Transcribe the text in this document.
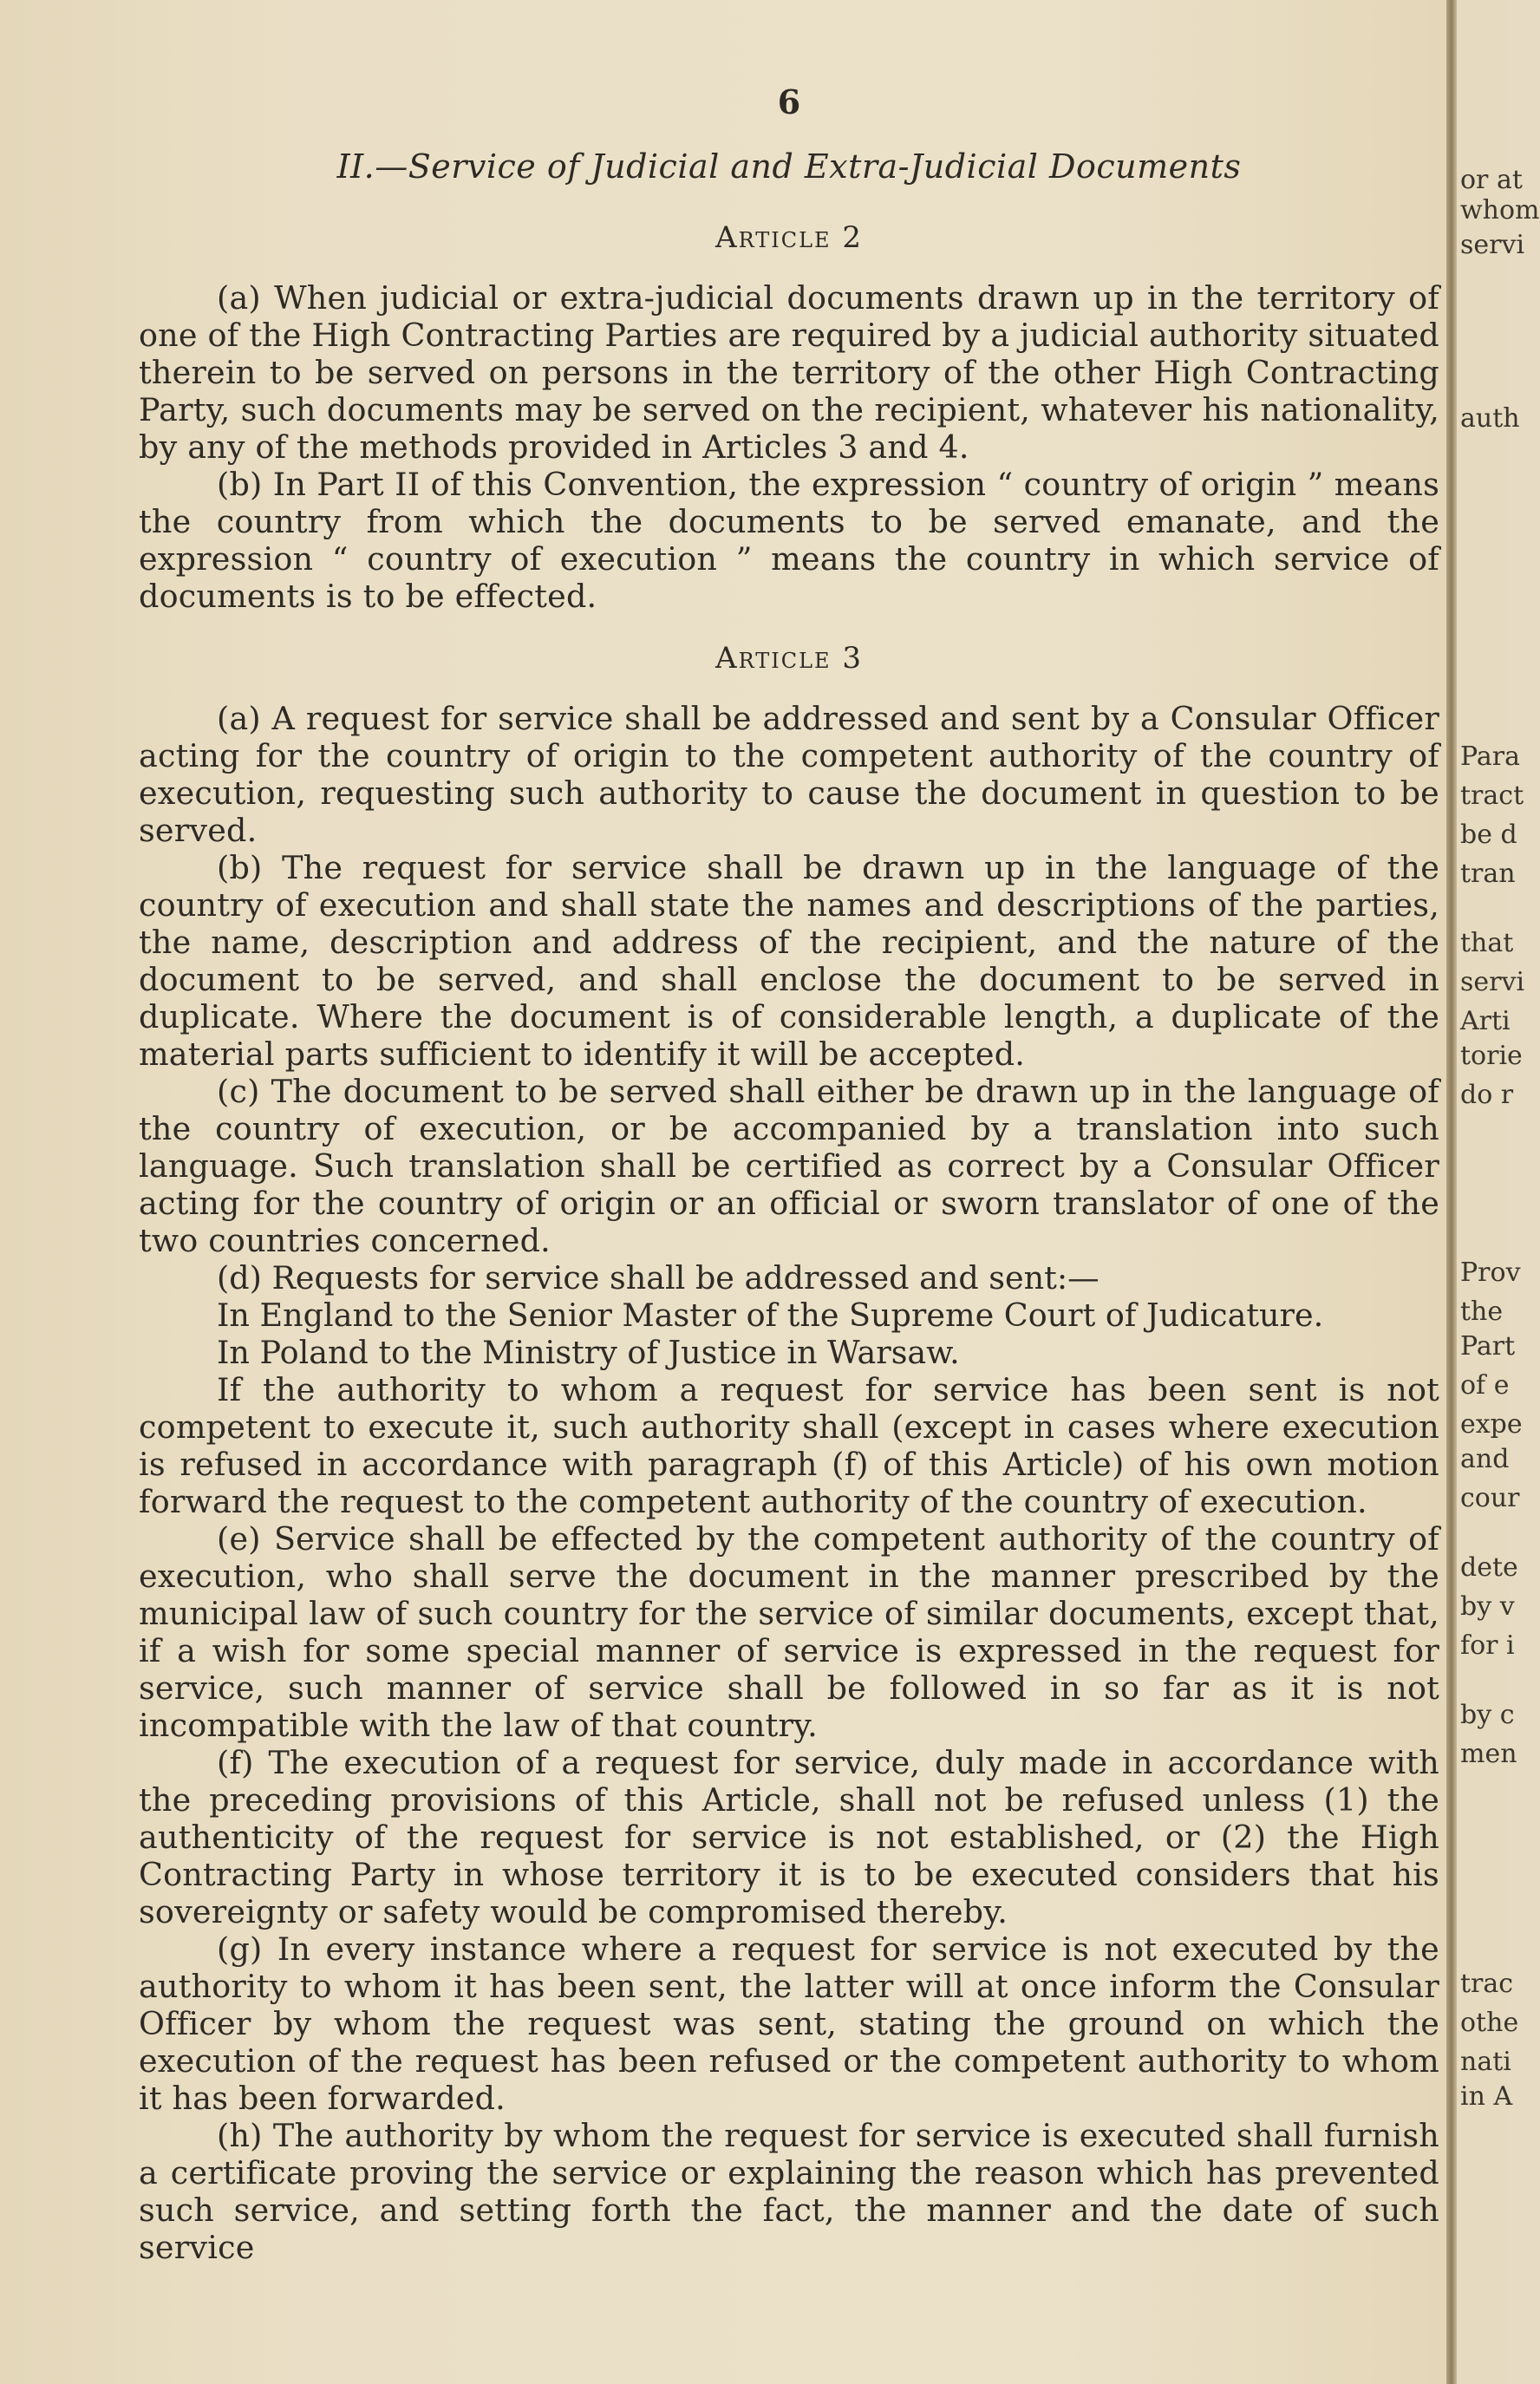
6
II.—Service of Judicial and Extra-Judicial Documents
Article 2

(a) When judicial or extra-judicial documents drawn up in the territory of one of the High Contracting Parties are required by a judicial authority situated therein to be served on persons in the territory of the other High Contracting Party, such documents may be served on the recipient, whatever his nationality, by any of the methods provided in Articles 3 and 4.

(b) In Part II of this Convention, the expression “ country of origin ” means the country from which the documents to be served emanate, and the expression “ country of execution ” means the country in which service of documents is to be effected.

Article 3

(a) A request for service shall be addressed and sent by a Consular Officer acting for the country of origin to the competent authority of the country of execution, requesting such authority to cause the document in question to be served.

(b) The request for service shall be drawn up in the language of the country of execution and shall state the names and descriptions of the parties, the name, description and address of the recipient, and the nature of the document to be served, and shall enclose the document to be served in duplicate. Where the document is of considerable length, a duplicate of the material parts sufficient to identify it will be accepted.

(c) The document to be served shall either be drawn up in the language of the country of execution, or be accompanied by a translation into such language. Such translation shall be certified as correct by a Consular Officer acting for the country of origin or an official or sworn translator of one of the two countries concerned.

(d) Requests for service shall be addressed and sent:—

In England to the Senior Master of the Supreme Court of Judicature.

In Poland to the Ministry of Justice in Warsaw.

If the authority to whom a request for service has been sent is not competent to execute it, such authority shall (except in cases where execution is refused in accordance with paragraph (f) of this Article) of his own motion forward the request to the competent authority of the country of execution.

(e) Service shall be effected by the competent authority of the country of execution, who shall serve the document in the manner prescribed by the municipal law of such country for the service of similar documents, except that, if a wish for some special manner of service is expressed in the request for service, such manner of service shall be followed in so far as it is not incompatible with the law of that country.

(f) The execution of a request for service, duly made in accordance with the preceding provisions of this Article, shall not be refused unless (1) the authenticity of the request for service is not established, or (2) the High Contracting Party in whose territory it is to be executed considers that his sovereignty or safety would be compromised thereby.

(g) In every instance where a request for service is not executed by the authority to whom it has been sent, the latter will at once inform the Consular Officer by whom the request was sent, stating the ground on which the execution of the request has been refused or the competent authority to whom it has been forwarded.

(h) The authority by whom the request for service is executed shall furnish a certificate proving the service or explaining the reason which has prevented such service, and setting forth the fact, the manner and the date of such service

or at
whom
servi
auth
Para
tract
be d
tran
that
servi
Arti
torie
do r
Prov
the
Part
of e
expe
and
cour
dete
by v
for i
by c
men
trac
othe
nati
in A
